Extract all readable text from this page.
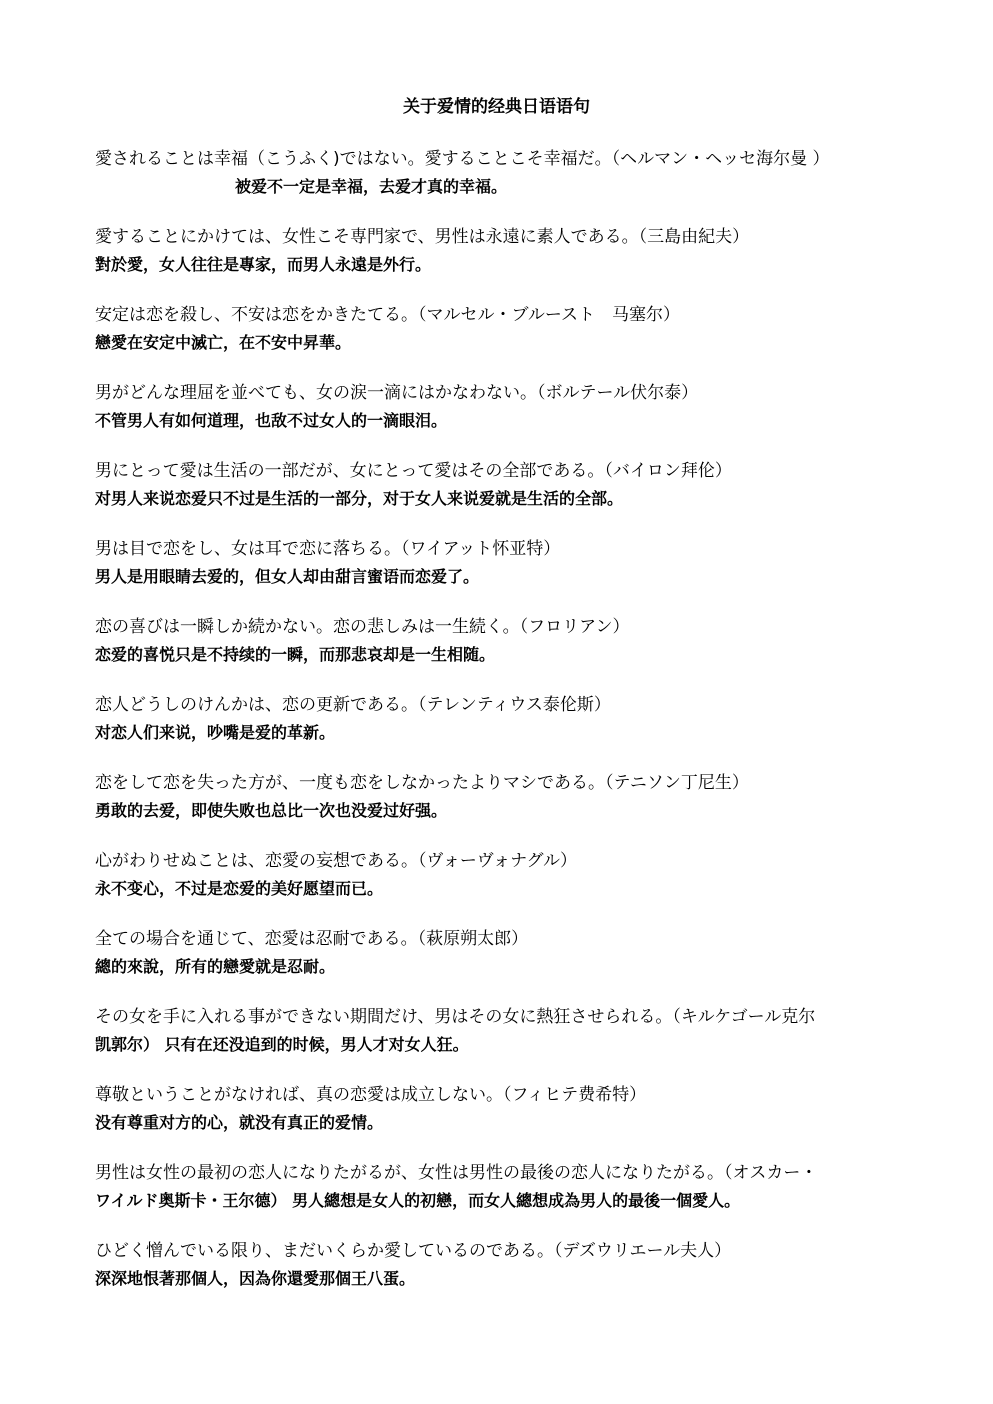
关于爱情的经典日语语句
愛されることは幸福（こうふく)ではない。愛することこそ幸福だ。（ヘルマン・ヘッセ海尔曼 ）
被爱不一定是幸福，去爱才真的幸福。
愛することにかけては、女性こそ専門家で、男性は永遠に素人である。（三島由紀夫）
對於愛，女人往往是專家，而男人永遠是外行。
安定は恋を殺し、不安は恋をかきたてる。（マルセル・ブルースト　马塞尔）
戀愛在安定中滅亡，在不安中昇華。
男がどんな理屈を並べても、女の涙一滴にはかなわない。（ボルテール伏尔泰）
不管男人有如何道理，也敌不过女人的一滴眼泪。
男にとって愛は生活の一部だが、女にとって愛はその全部である。（バイロン拜伦）
对男人来说恋爱只不过是生活的一部分，对于女人来说爱就是生活的全部。
男は目で恋をし、女は耳で恋に落ちる。（ワイアット怀亚特）
男人是用眼睛去爱的，但女人却由甜言蜜语而恋爱了。
恋の喜びは一瞬しか続かない。恋の悲しみは一生続く。（フロリアン）
恋爱的喜悦只是不持续的一瞬，而那悲哀却是一生相随。
恋人どうしのけんかは、恋の更新である。（テレンティウス泰伦斯）
对恋人们来说，吵嘴是爱的革新。
恋をして恋を失った方が、一度も恋をしなかったよりマシである。（テニソン丁尼生）
勇敢的去爱，即使失败也总比一次也没爱过好强。
心がわりせぬことは、恋愛の妄想である。（ヴォーヴォナグル）
永不变心，不过是恋爱的美好愿望而已。
全ての場合を通じて、恋愛は忍耐である。（萩原朔太郎）
總的來說，所有的戀愛就是忍耐。
その女を手に入れる事ができない期間だけ、男はその女に熱狂させられる。（キルケゴール克尔
凯郭尔） 只有在还没追到的时候，男人才对女人狂。
尊敬ということがなければ、真の恋愛は成立しない。（フィヒテ费希特）
没有尊重对方的心，就没有真正的爱情。
男性は女性の最初の恋人になりたがるが、女性は男性の最後の恋人になりたがる。（オスカー・
ワイルド奥斯卡・王尔德） 男人總想是女人的初戀，而女人總想成為男人的最後一個愛人。
ひどく憎んでいる限り、まだいくらか愛しているのである。（デズウリエール夫人）
深深地恨著那個人，因為你還愛那個王八蛋。
